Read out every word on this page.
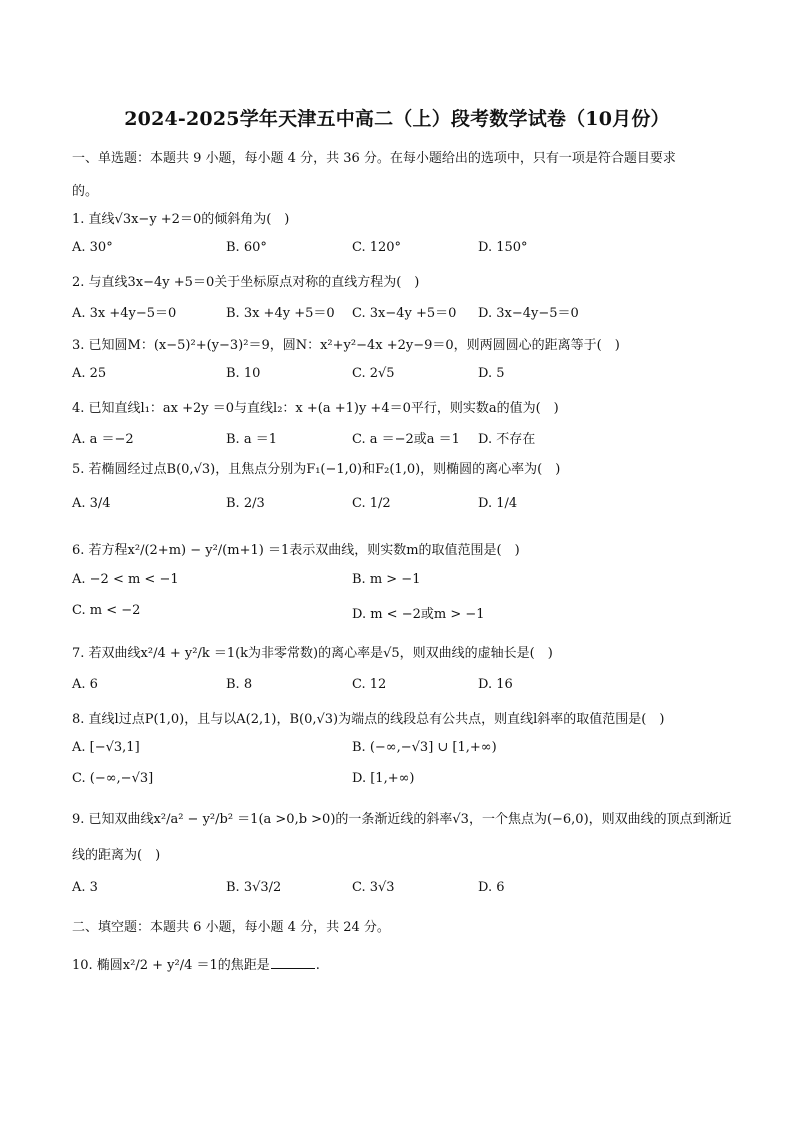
2024-2025学年天津五中高二（上）段考数学试卷（10月份）
一、单选题：本题共 9 小题，每小题 4 分，共 36 分。在每小题给出的选项中，只有一项是符合题目要求
的。
1. 直线√3x−y +2＝0的倾斜角为(　)
A. 30°	B. 60°	C. 120°	D. 150°
2. 与直线3x−4y +5＝0关于坐标原点对称的直线方程为(　)
A. 3x +4y−5＝0	B. 3x +4y +5＝0 C. 3x−4y +5＝0 D. 3x−4y−5＝0
3. 已知圆M：(x−5)²+(y−3)²＝9，圆N：x²+y²−4x +2y−9＝0，则两圆圆心的距离等于(　)
A. 25	B. 10	C. 2√5	D. 5
4. 已知直线l₁：ax +2y ＝0与直线l₂：x +(a +1)y +4＝0平行，则实数a的值为(　)
A. a ＝−2	B. a ＝1	C. a ＝−2或a ＝1 D. 不存在
5. 若椭圆经过点B(0,√3)，且焦点分别为F₁(−1,0)和F₂(1,0)，则椭圆的离心率为(　)
A. 3/4	B. 2/3	C. 1/2	D. 1/4
6. 若方程x²/(2+m) − y²/(m+1) ＝1表示双曲线，则实数m的取值范围是(　)
A. −2 < m < −1	B. m > −1
C. m < −2	D. m < −2或m > −1
7. 若双曲线x²/4 + y²/k ＝1(k为非零常数)的离心率是√5，则双曲线的虚轴长是(　)
A. 6	B. 8	C. 12	D. 16
8. 直线l过点P(1,0)，且与以A(2,1)，B(0,√3)为端点的线段总有公共点，则直线l斜率的取值范围是(　)
A. [−√3,1]	B. (−∞,−√3] ∪ [1,+∞)
C. (−∞,−√3]	D. [1,+∞)
9. 已知双曲线x²/a² − y²/b² ＝1(a >0,b >0)的一条渐近线的斜率√3，一个焦点为(−6,0)，则双曲线的顶点到渐近
线的距离为(　)
A. 3	B. 3√3/2	C. 3√3	D. 6
二、填空题：本题共 6 小题，每小题 4 分，共 24 分。
10. 椭圆x²/2 + y²/4 ＝1的焦距是	.
